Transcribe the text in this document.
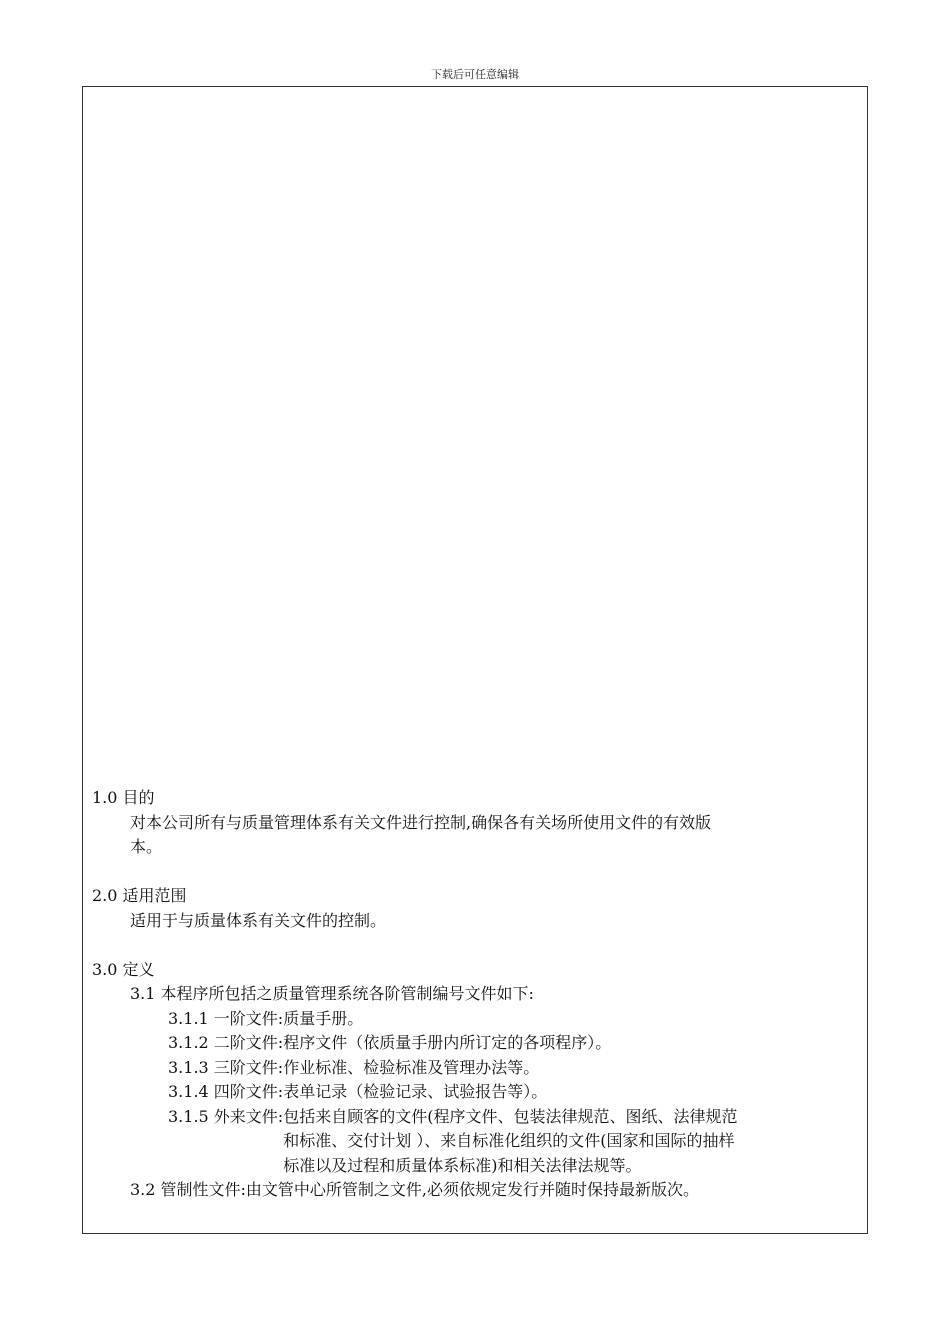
下载后可任意编辑
1.0 目的
对本公司所有与质量管理体系有关文件进行控制,确保各有关场所使用文件的有效版
本。
2.0 适用范围
适用于与质量体系有关文件的控制。
3.0 定义
3.1 本程序所包括之质量管理系统各阶管制编号文件如下:
3.1.1 一阶文件:质量手册。
3.1.2 二阶文件:程序文件（依质量手册内所订定的各项程序）。
3.1.3 三阶文件:作业标准、检验标准及管理办法等。
3.1.4 四阶文件:表单记录（检验记录、试验报告等）。
3.1.5 外来文件: 包括来自顾客的文件(程序文件、包装法律规范、图纸、法律规范
和标准、交付计划 ）、来自标准化组织的文件(国家和国际的抽样
标准以及过程和质量体系标准)和相关法律法规等。
3.2 管制性文件:由文管中心所管制之文件,必须依规定发行并随时保持最新版次。
